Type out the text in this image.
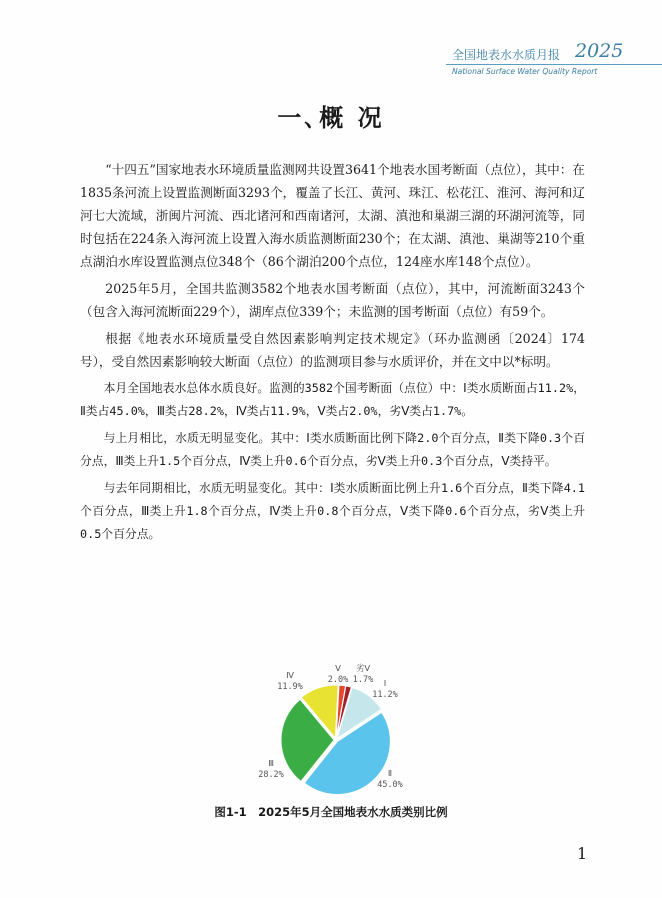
全国地表水水质月报 2025
National Surface Water Quality Report
一､概 况

“十四五”国家地表水环境质量监测网共设置3641个地表水国考断面（点位），其中：在1835条河流上设置监测断面3293个，覆盖了长江、黄河、珠江、松花江、淮河、海河和辽河七大流域，浙闽片河流、西北诸河和西南诸河，太湖、滇池和巢湖三湖的环湖河流等，同时包括在224条入海河流上设置入海水质监测断面230个；在太湖、滇池、巢湖等210个重点湖泊水库设置监测点位348个（86个湖泊200个点位，124座水库148个点位）。

2025年5月，全国共监测3582个地表水国考断面（点位），其中，河流断面3243个（包含入海河流断面229个），湖库点位339个；未监测的国考断面（点位）有59个。

根据《地表水环境质量受自然因素影响判定技术规定》（环办监测函〔2024〕174号），受自然因素影响较大断面（点位）的监测项目参与水质评价，并在文中以*标明。

本月全国地表水总体水质良好。监测的3582个国考断面（点位）中：Ⅰ类水质断面占11.2%，Ⅱ类占45.0%，Ⅲ类占28.2%，Ⅳ类占11.9%，Ⅴ类占2.0%，劣Ⅴ类占1.7%。

与上月相比，水质无明显变化。其中：Ⅰ类水质断面比例下降2.0个百分点，Ⅱ类下降0.3个百分点，Ⅲ类上升1.5个百分点，Ⅳ类上升0.6个百分点，劣Ⅴ类上升0.3个百分点，Ⅴ类持平。

与去年同期相比，水质无明显变化。其中：Ⅰ类水质断面比例上升1.6个百分点，Ⅱ类下降4.1个百分点，Ⅲ类上升1.8个百分点，Ⅳ类上升0.8个百分点，Ⅴ类下降0.6个百分点，劣Ⅴ类上升0.5个百分点。

Ⅰ
11.2%
Ⅱ
45.0%
Ⅲ
28.2%
Ⅳ
11.9%
Ⅴ
2.0%
劣Ⅴ
1.7%
图1-1　2025年5月全国地表水水质类别比例
1
